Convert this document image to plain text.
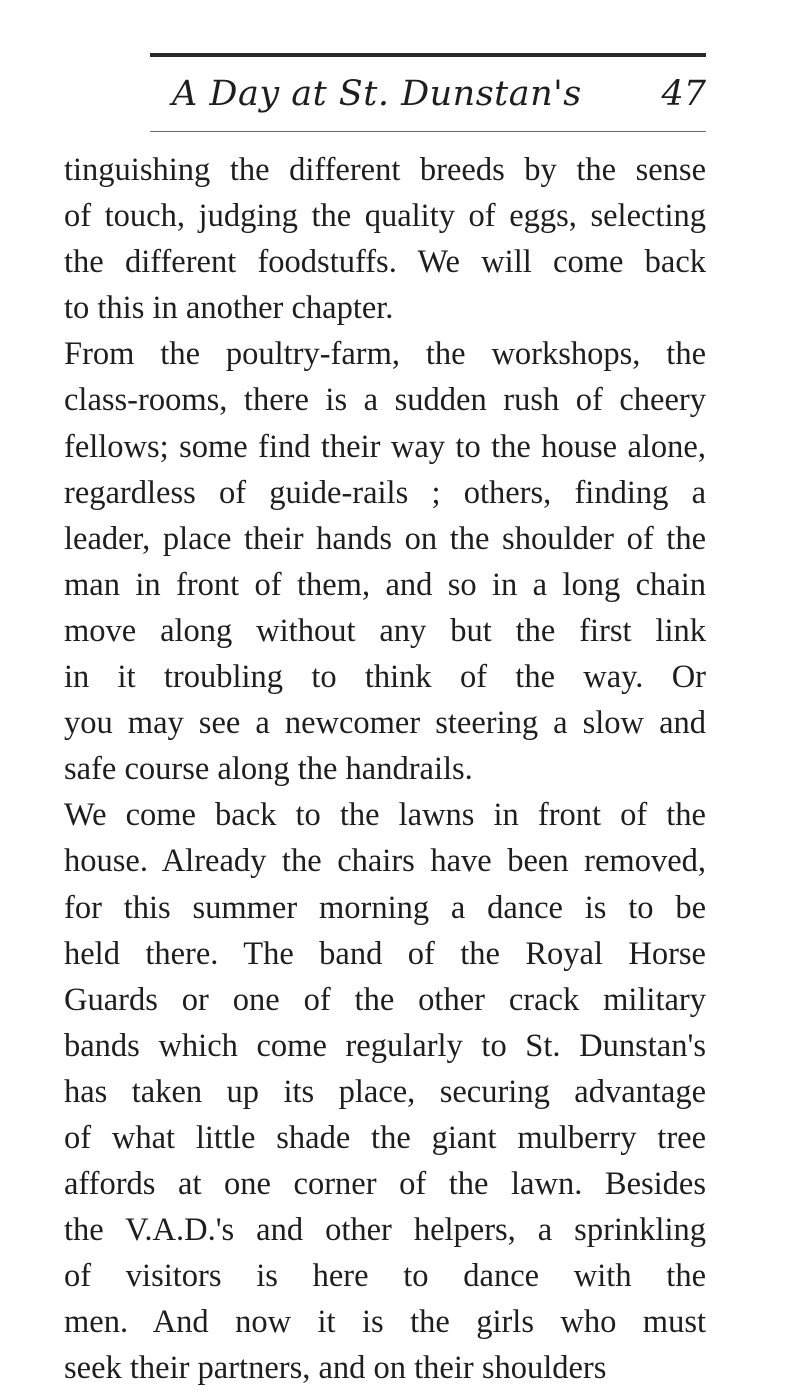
A Day at St. Dunstan's 47
tinguishing the different breeds by the sense
of touch, judging the quality of eggs, selecting
the different foodstuffs. We will come back
to this in another chapter.
From the poultry-farm, the workshops, the
class-rooms, there is a sudden rush of cheery
fellows; some find their way to the house alone,
regardless of guide-rails ; others, finding a
leader, place their hands on the shoulder of the
man in front of them, and so in a long chain
move along without any but the first link
in it troubling to think of the way. Or
you may see a newcomer steering a slow and
safe course along the handrails.
We come back to the lawns in front of the
house. Already the chairs have been removed,
for this summer morning a dance is to be
held there. The band of the Royal Horse
Guards or one of the other crack military
bands which come regularly to St. Dunstan's
has taken up its place, securing advantage
of what little shade the giant mulberry tree
affords at one corner of the lawn. Besides
the V.A.D.'s and other helpers, a sprinkling
of visitors is here to dance with the
men. And now it is the girls who must
seek their partners, and on their shoulders
